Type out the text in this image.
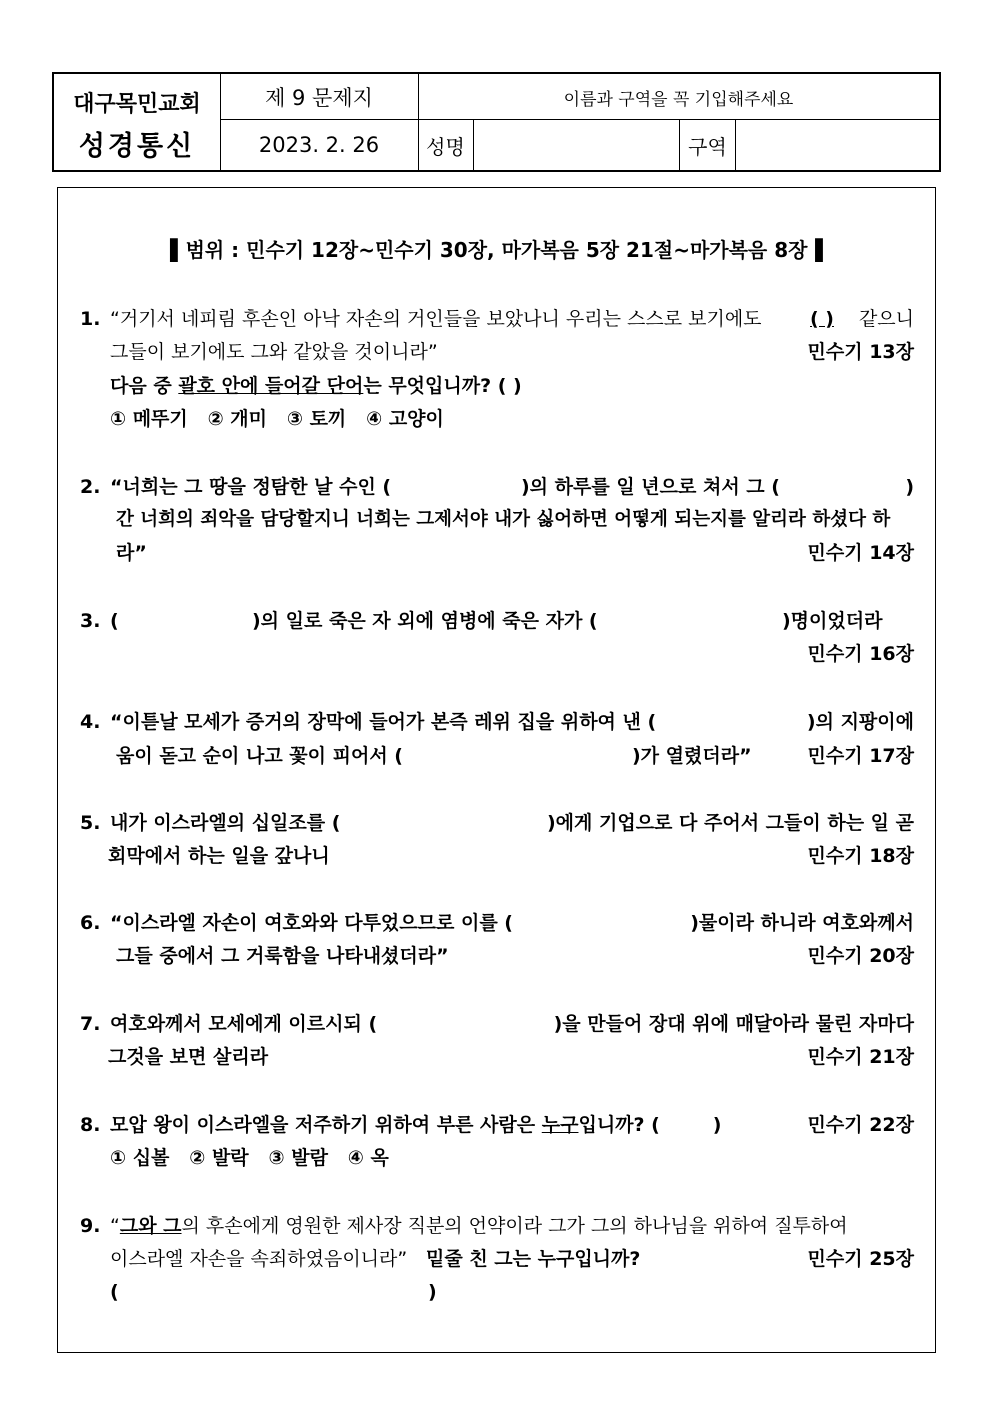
대구목민교회
성경통신
제 9 문제지	이름과 구역을 꼭 기입해주세요
2023. 2. 26 성명	구역
▌범위 : 민수기 12장~민수기 30장, 마가복음 5장 21절~마가복음 8장▐
1. “거기서 네피림 후손인 아낙 자손의 거인들을 보았나니 우리는 스스로 보기에도	( ) 같으니
그들이 보기에도 그와 같았을 것이니라”	민수기 13장
다음 중 괄호 안에 들어갈 단어는 무엇입니까? ( )
① 메뚜기   ② 개미   ③ 토끼   ④ 고양이
2. “너희는 그 땅을 정탐한 날 수인 (	)의 하루를 일 년으로 쳐서 그 (	)
간 너희의 죄악을 담당할지니 너희는 그제서야 내가 싫어하면 어떻게 되는지를 알리라 하셨다 하
라”	민수기 14장
3. (	)의 일로 죽은 자 외에 염병에 죽은 자가 (	)명이었더라
민수기 16장
4. “이튿날 모세가 증거의 장막에 들어가 본즉 레위 집을 위하여 낸 (	)의 지팡이에
움이 돋고 순이 나고 꽃이 피어서 (	)가 열렸더라”	민수기 17장
5. 내가 이스라엘의 십일조를 (	)에게 기업으로 다 주어서 그들이 하는 일 곧
회막에서 하는 일을 갚나니	민수기 18장
6. “이스라엘 자손이 여호와와 다투었으므로 이를 (	)물이라 하니라 여호와께서
그들 중에서 그 거룩함을 나타내셨더라”	민수기 20장
7. 여호와께서 모세에게 이르시되 (	)을 만들어 장대 위에 매달아라 물린 자마다
그것을 보면 살리라	민수기 21장
8. 모압 왕이 이스라엘을 저주하기 위하여 부른 사람은 누구입니까? (        )	민수기 22장
① 십볼   ② 발락   ③ 발람   ④ 옥
9. “그와 그의 후손에게 영원한 제사장 직분의 언약이라 그가 그의 하나님을 위하여 질투하여
이스라엘 자손을 속죄하였음이니라” 밑줄 친 그는 누구입니까?	민수기 25장
(	)
